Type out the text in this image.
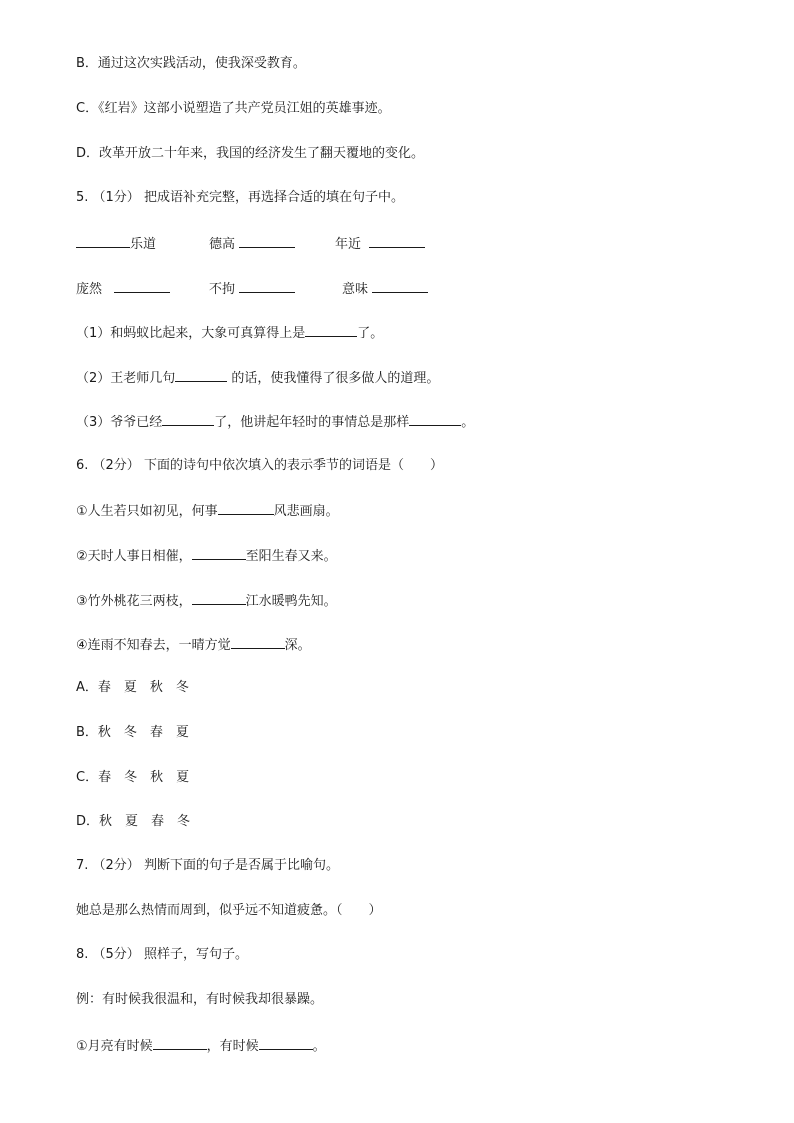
B．通过这次实践活动，使我深受教育。
C．《红岩》这部小说塑造了共产党员江姐的英雄事迹。
D．改革开放二十年来，我国的经济发生了翻天覆地的变化。
5. （1分） 把成语补充完整，再选择合适的填在句子中。
乐道	德高	年近
庞然	不拘	意味
（1）和蚂蚁比起来，大象可真算得上是	了。
（2）王老师几句	的话，使我懂得了很多做人的道理。
（3）爷爷已经	了，他讲起年轻时的事情总是那样	。
6. （2分） 下面的诗句中依次填入的表示季节的词语是（　　）
①人生若只如初见，何事	风悲画扇。
②天时人事日相催，	至阳生春又来。
③竹外桃花三两枝，	江水暖鸭先知。
④连雨不知春去，一晴方觉	深。
A．春　夏　秋　冬
B．秋　冬　春　夏
C．春　冬　秋　夏
D．秋　夏　春　冬
7. （2分） 判断下面的句子是否属于比喻句。
她总是那么热情而周到，似乎远不知道疲惫。（　　）
8. （5分） 照样子，写句子。
例：有时候我很温和，有时候我却很暴躁。
①月亮有时候	，有时候	。
